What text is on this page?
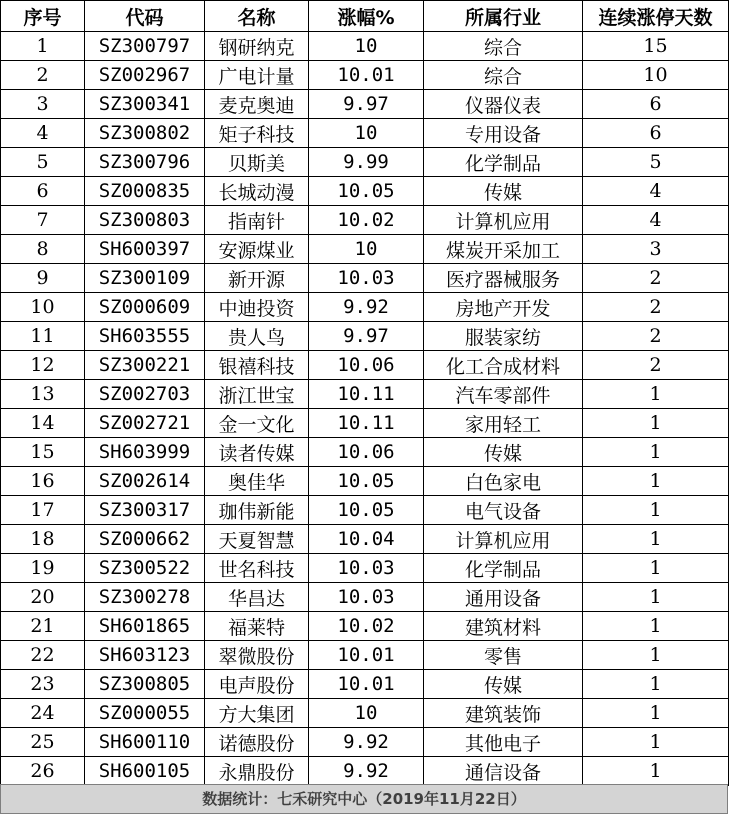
序号	代码	名称	涨幅%	所属行业	连续涨停天数
1	SZ300797	钢研纳克	10	综合	15
2	SZ002967	广电计量	10.01	综合	10
3	SZ300341	麦克奥迪	9.97	仪器仪表	6
4	SZ300802	矩子科技	10	专用设备	6
5	SZ300796	贝斯美	9.99	化学制品	5
6	SZ000835	长城动漫	10.05	传媒	4
7	SZ300803	指南针	10.02	计算机应用	4
8	SH600397	安源煤业	10	煤炭开采加工	3
9	SZ300109	新开源	10.03	医疗器械服务	2
10	SZ000609	中迪投资	9.92	房地产开发	2
11	SH603555	贵人鸟	9.97	服装家纺	2
12	SZ300221	银禧科技	10.06	化工合成材料	2
13	SZ002703	浙江世宝	10.11	汽车零部件	1
14	SZ002721	金一文化	10.11	家用轻工	1
15	SH603999	读者传媒	10.06	传媒	1
16	SZ002614	奥佳华	10.05	白色家电	1
17	SZ300317	珈伟新能	10.05	电气设备	1
18	SZ000662	天夏智慧	10.04	计算机应用	1
19	SZ300522	世名科技	10.03	化学制品	1
20	SZ300278	华昌达	10.03	通用设备	1
21	SH601865	福莱特	10.02	建筑材料	1
22	SH603123	翠微股份	10.01	零售	1
23	SZ300805	电声股份	10.01	传媒	1
24	SZ000055	方大集团	10	建筑装饰	1
25	SH600110	诺德股份	9.92	其他电子	1
26	SH600105	永鼎股份	9.92	通信设备	1
数据统计：七禾研究中心（2019年11月22日）
